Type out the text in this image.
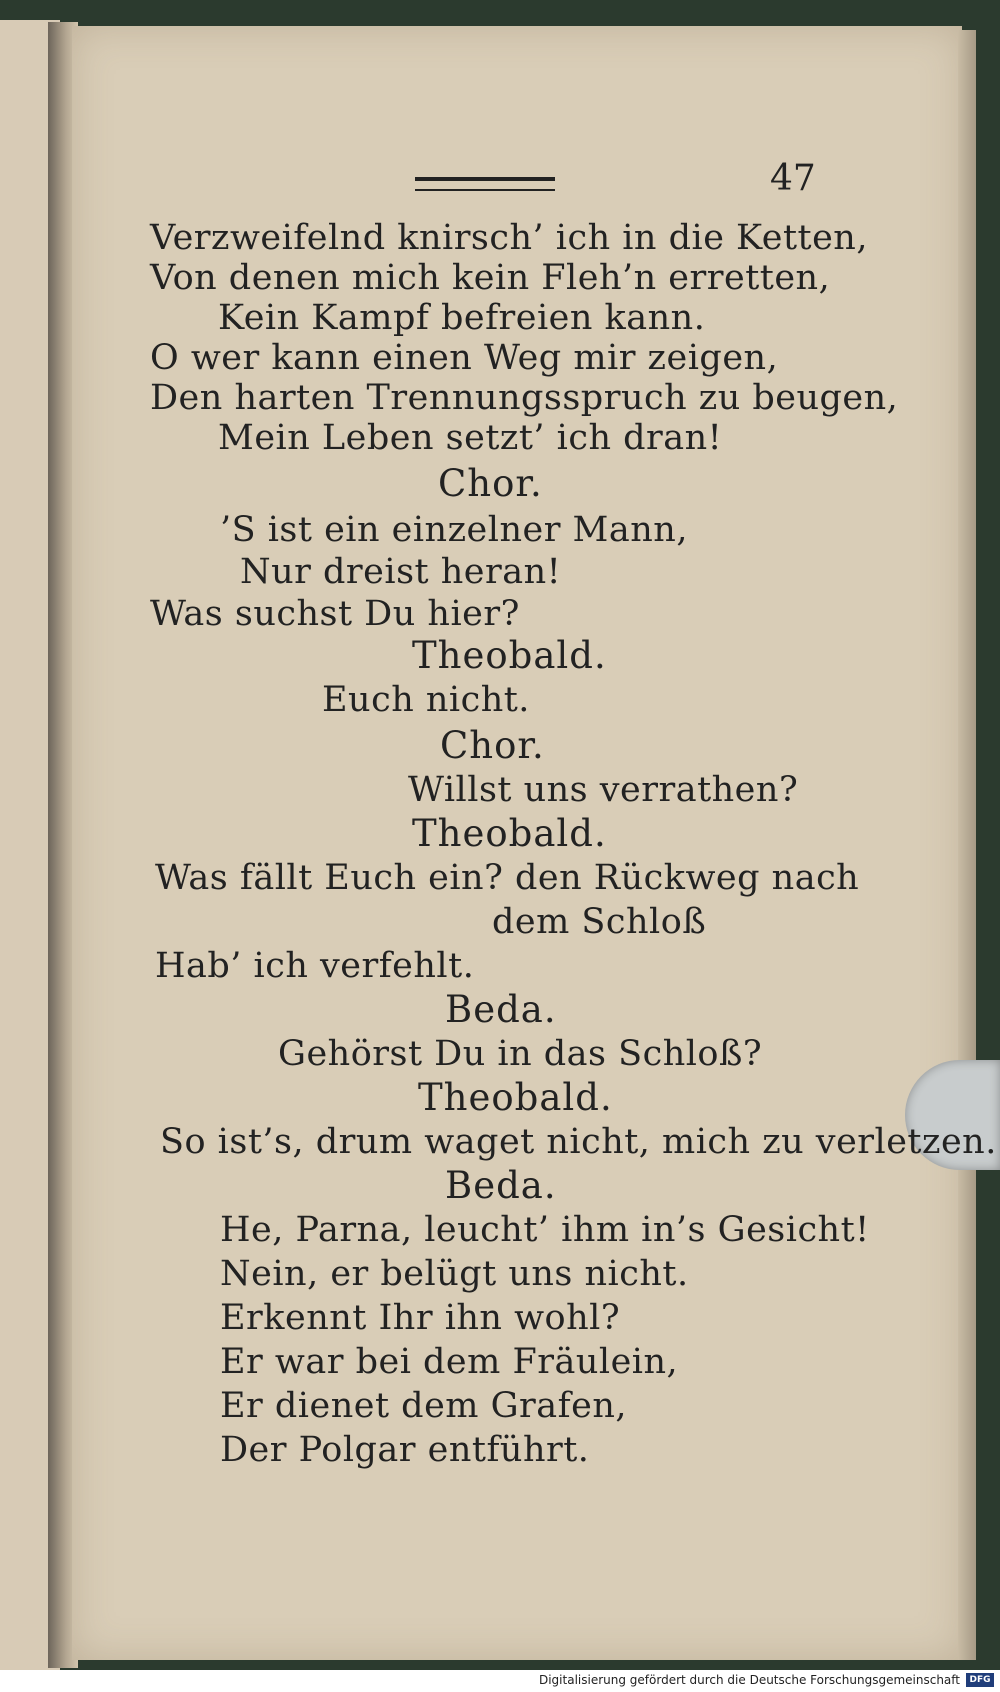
47
Verzweifelnd knirsch’ ich in die Ketten,
Von denen mich kein Fleh’n erretten,
Kein Kampf befreien kann.
O wer kann einen Weg mir zeigen,
Den harten Trennungsspruch zu beugen,
Mein Leben setzt’ ich dran!
Chor.
’S ist ein einzelner Mann,
Nur dreist heran!
Was suchst Du hier?
Theobald.
Euch nicht.
Chor.
Willst uns verrathen?
Theobald.
Was fällt Euch ein? den Rückweg nach
dem Schloß
Hab’ ich verfehlt.
Beda.
Gehörst Du in das Schloß?
Theobald.
So ist’s, drum waget nicht, mich zu verletzen.
Beda.
He, Parna, leucht’ ihm in’s Gesicht!
Nein, er belügt uns nicht.
Erkennt Ihr ihn wohl?
Er war bei dem Fräulein,
Er dienet dem Grafen,
Der Polgar entführt.
Digitalisierung gefördert durch die Deutsche Forschungsgemeinschaft	DFG
